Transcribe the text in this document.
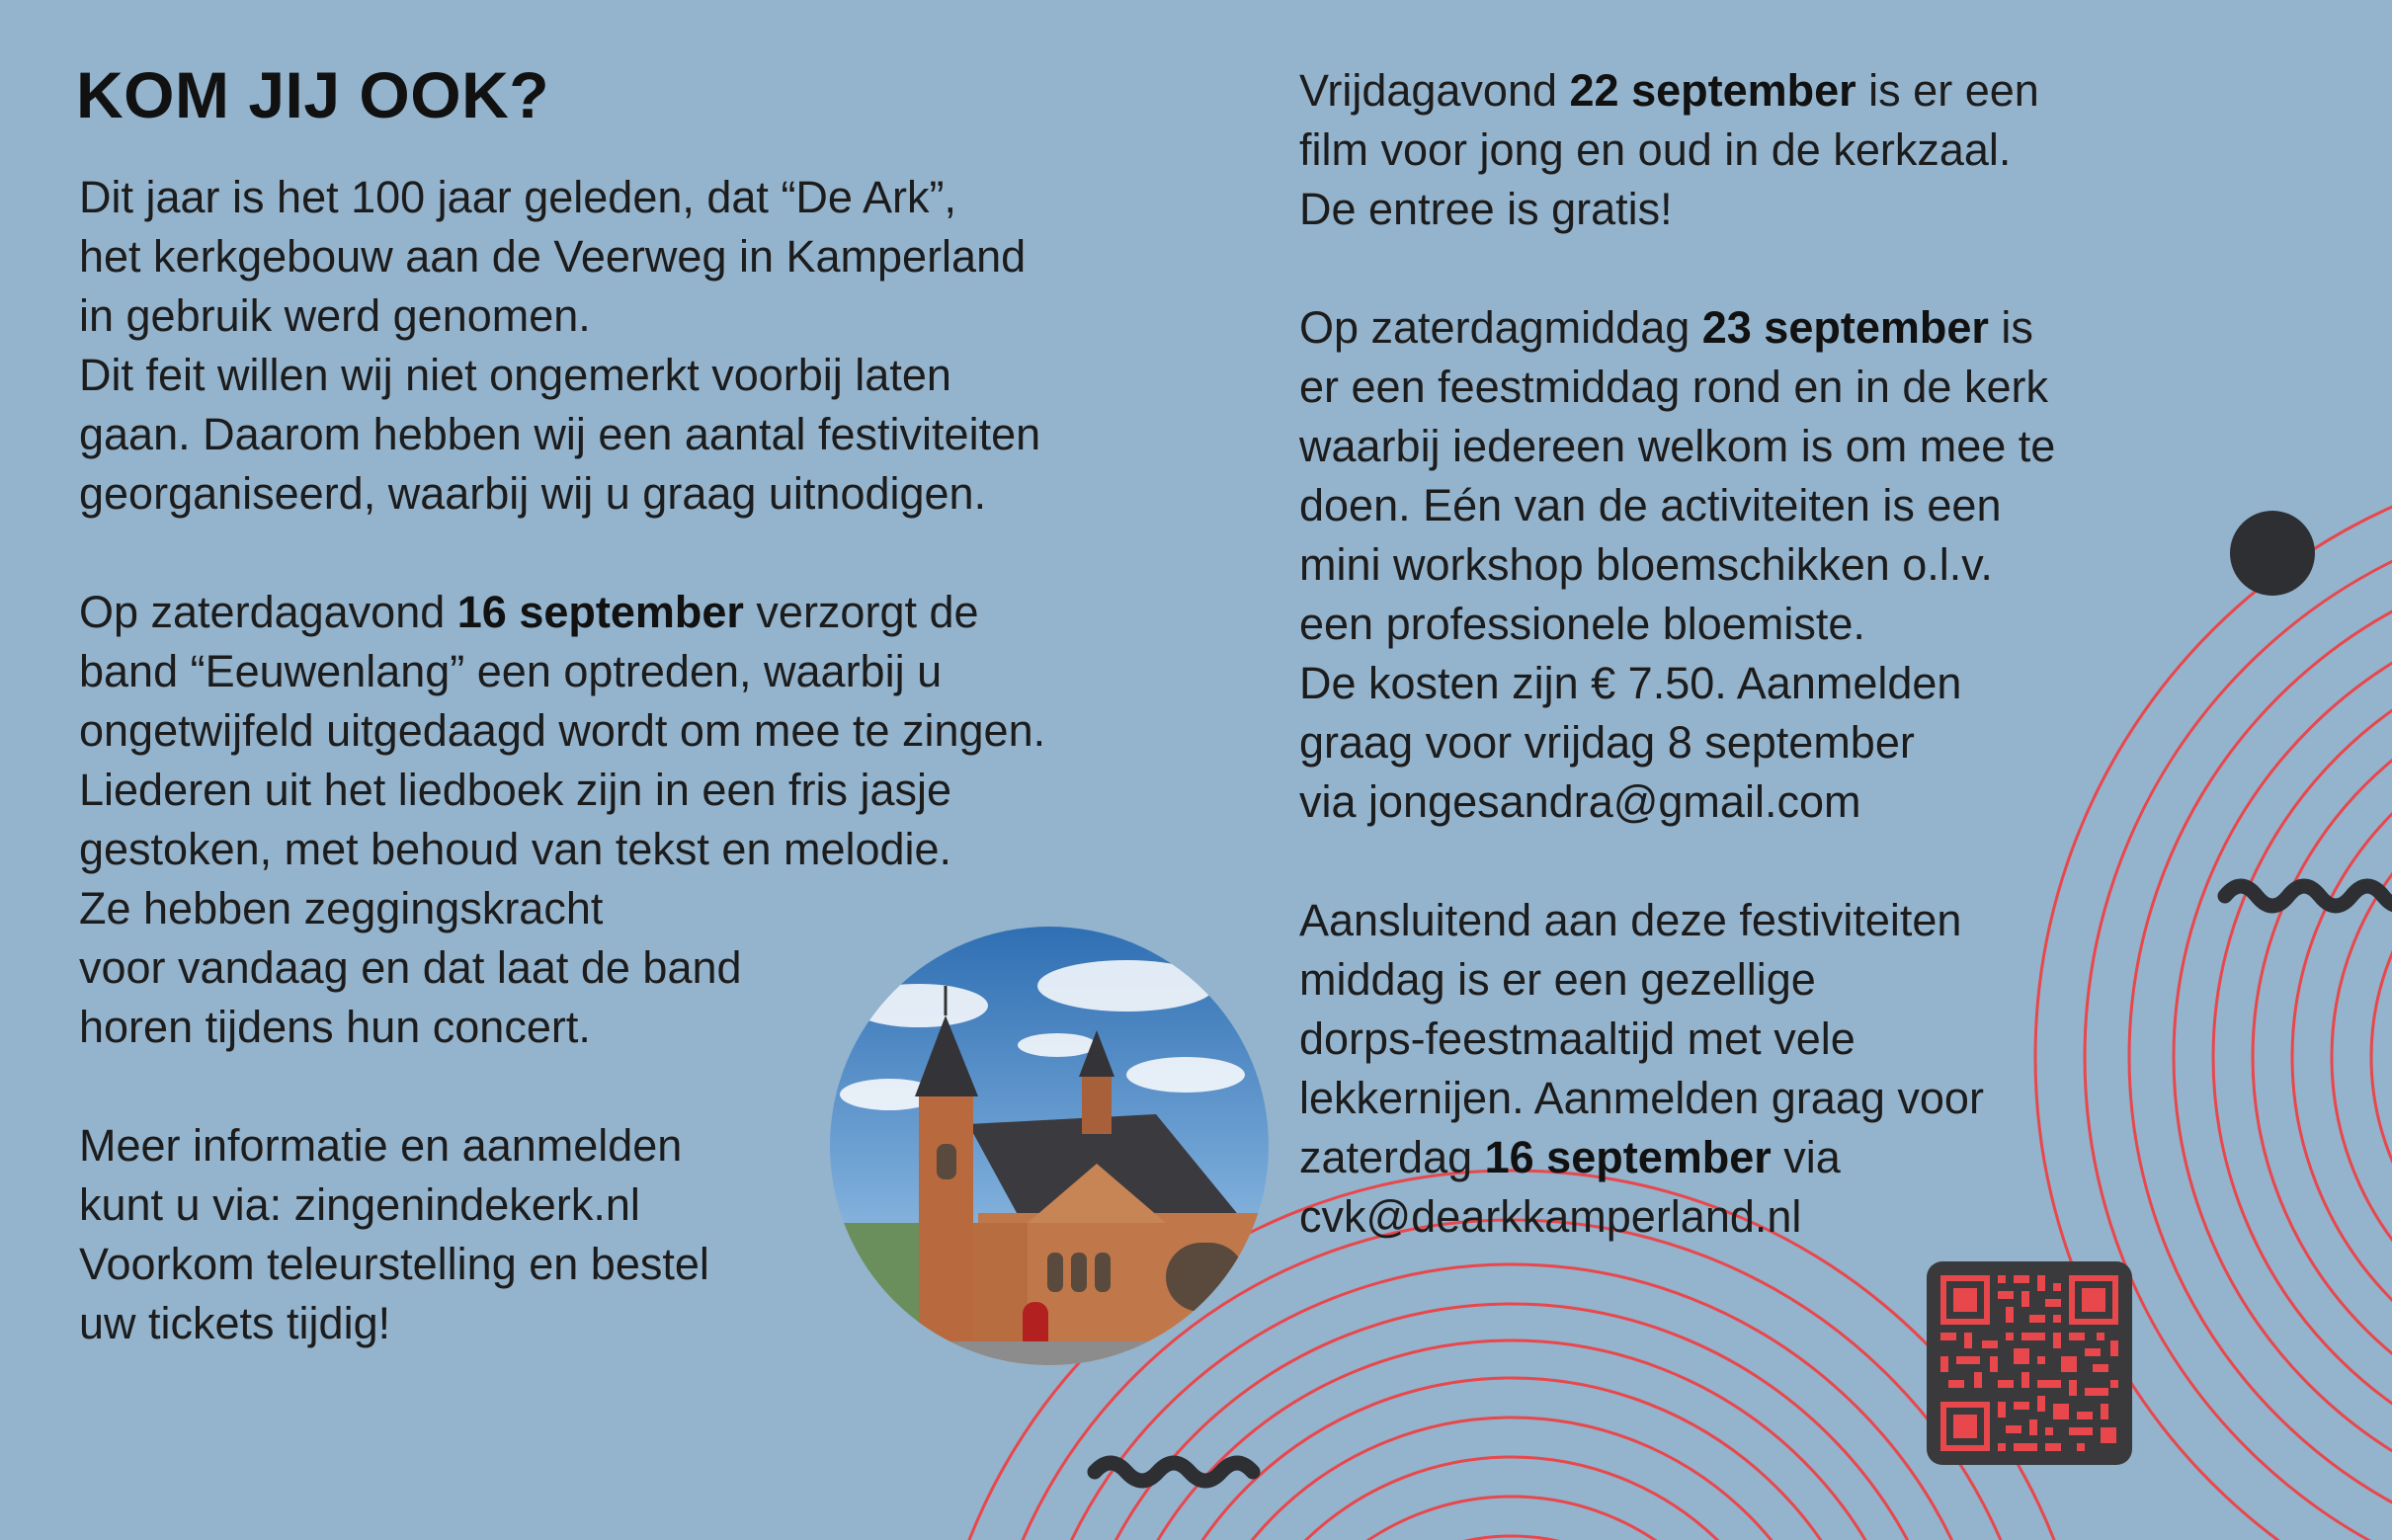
KOM JIJ OOK?

Dit jaar is het 100 jaar geleden, dat “De Ark”,
het kerkgebouw aan de Veerweg in Kamperland
in gebruik werd genomen.
Dit feit willen wij niet ongemerkt voorbij laten
gaan. Daarom hebben wij een aantal festiviteiten
georganiseerd, waarbij wij u graag uitnodigen.

Op zaterdagavond 16 september verzorgt de
band “Eeuwenlang” een optreden, waarbij u
ongetwijfeld uitgedaagd wordt om mee te zingen.
Liederen uit het liedboek zijn in een fris jasje
gestoken, met behoud van tekst en melodie.
Ze hebben zeggingskracht
voor vandaag en dat laat de band
horen tijdens hun concert.

Meer informatie en aanmelden
kunt u via: zingenindekerk.nl
Voorkom teleurstelling en bestel
uw tickets tijdig!

Vrijdagavond 22 september is er een
film voor jong en oud in de kerkzaal.
De entree is gratis!

Op zaterdagmiddag 23 september is
er een feestmiddag rond en in de kerk
waarbij iedereen welkom is om mee te
doen. Eén van de activiteiten is een
mini workshop bloemschikken o.l.v.
een professionele bloemiste.
De kosten zijn € 7.50. Aanmelden
graag voor vrijdag 8 september
via jongesandra@gmail.com

Aansluitend aan deze festiviteiten
middag is er een gezellige
dorps-feestmaaltijd met vele
lekkernijen. Aanmelden graag voor
zaterdag 16 september via
cvk@dearkkamperland.nl
